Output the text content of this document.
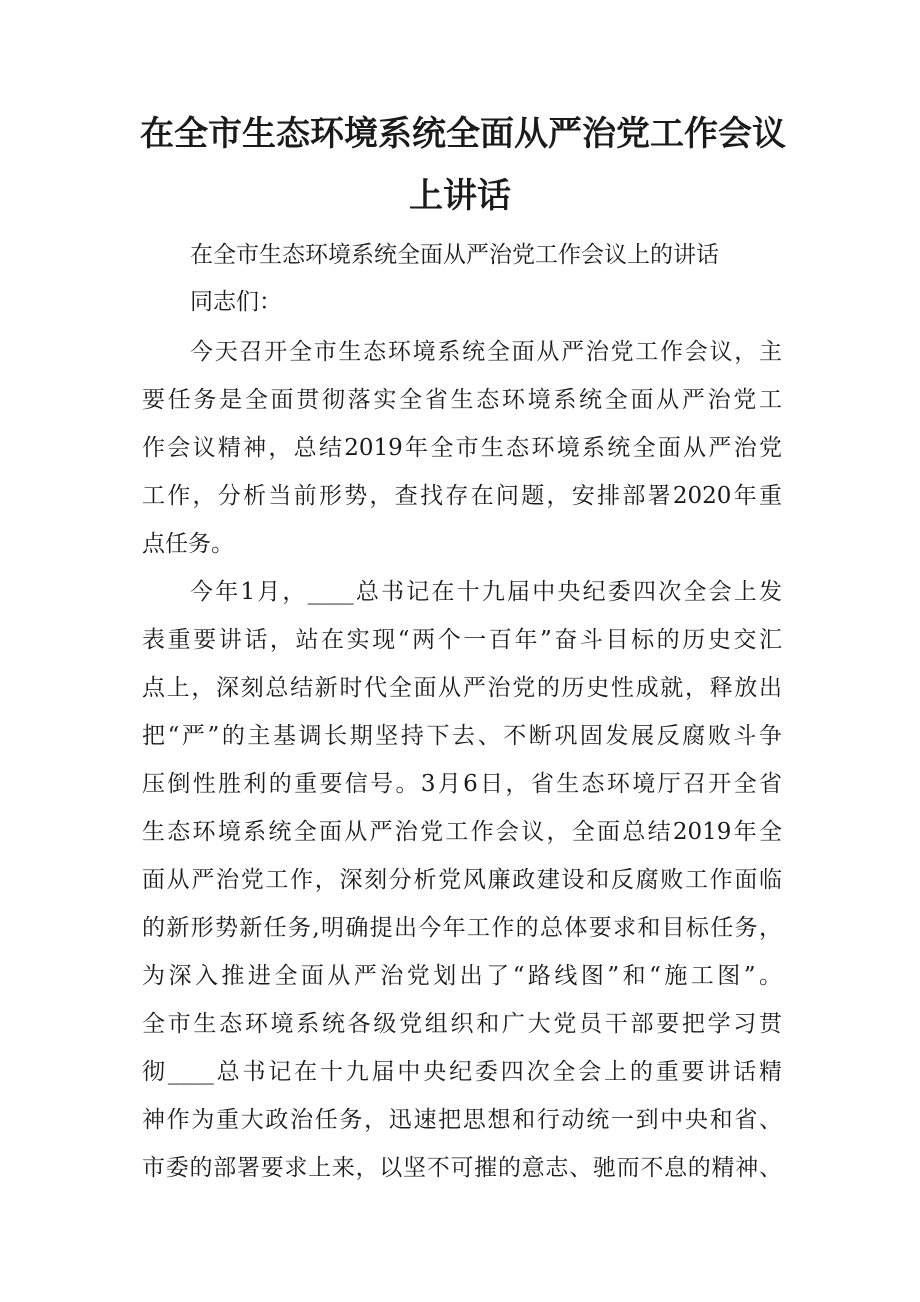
在全市生态环境系统全面从严治党工作会议
上讲话

在全市生态环境系统全面从严治党工作会议上的讲话

同志们：

今天召开全市生态环境系统全面从严治党工作会议，主

要任务是全面贯彻落实全省生态环境系统全面从严治党工

作会议精神，总结2019年全市生态环境系统全面从严治党

工作，分析当前形势，查找存在问题，安排部署2020年重

点任务。

今年1月，____总书记在十九届中央纪委四次全会上发

表重要讲话，站在实现“两个一百年”奋斗目标的历史交汇

点上，深刻总结新时代全面从严治党的历史性成就，释放出

把“严”的主基调长期坚持下去、不断巩固发展反腐败斗争

压倒性胜利的重要信号。3月6日，省生态环境厅召开全省

生态环境系统全面从严治党工作会议，全面总结2019年全

面从严治党工作，深刻分析党风廉政建设和反腐败工作面临

的新形势新任务,明确提出今年工作的总体要求和目标任务，

为深入推进全面从严治党划出了“路线图”和“施工图”。

全市生态环境系统各级党组织和广大党员干部要把学习贯

彻____总书记在十九届中央纪委四次全会上的重要讲话精

神作为重大政治任务，迅速把思想和行动统一到中央和省、

市委的部署要求上来，以坚不可摧的意志、驰而不息的精神、
